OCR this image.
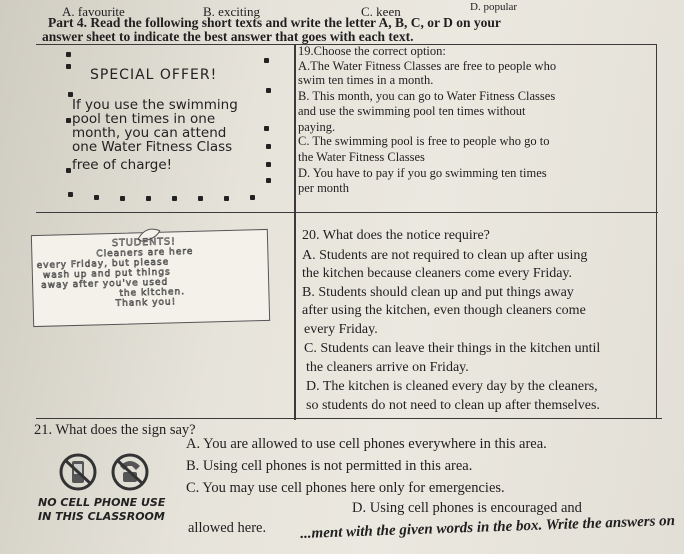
A. favourite	B. exciting	C. keen	D. popular
Part 4. Read the following short texts and write the letter A, B, C, or D on your
answer sheet to indicate the best answer that goes with each text.
SPECIAL OFFER!
If you use the swimming
pool ten times in one
month, you can attend
one Water Fitness Class
free of charge!
19.Choose the correct option:
A.The Water Fitness Classes are free to people who
swim ten times in a month.
B. This month, you can go to Water Fitness Classes
and use the swimming pool ten times without
paying.
C. The swimming pool is free to people who go to
the Water Fitness Classes
D. You have to pay if you go swimming ten times
per month
STUDENTS!
Cleaners are here
every Friday, but please
wash up and put things
away after you've used
the kitchen.
Thank you!
20. What does the notice require?
A. Students are not required to clean up after using
the kitchen because cleaners come every Friday.
B. Students should clean up and put things away
after using the kitchen, even though cleaners come
every Friday.
C. Students can leave their things in the kitchen until
the cleaners arrive on Friday.
D. The kitchen is cleaned every day by the cleaners,
so students do not need to clean up after themselves.
21. What does the sign say?
A. You are allowed to use cell phones everywhere in this area.
B. Using cell phones is not permitted in this area.
C. You may use cell phones here only for emergencies.
D. Using cell phones is encouraged and
allowed here.
NO CELL PHONE USE
IN THIS CLASSROOM	...ment with the given words in the box. Write the answers on
